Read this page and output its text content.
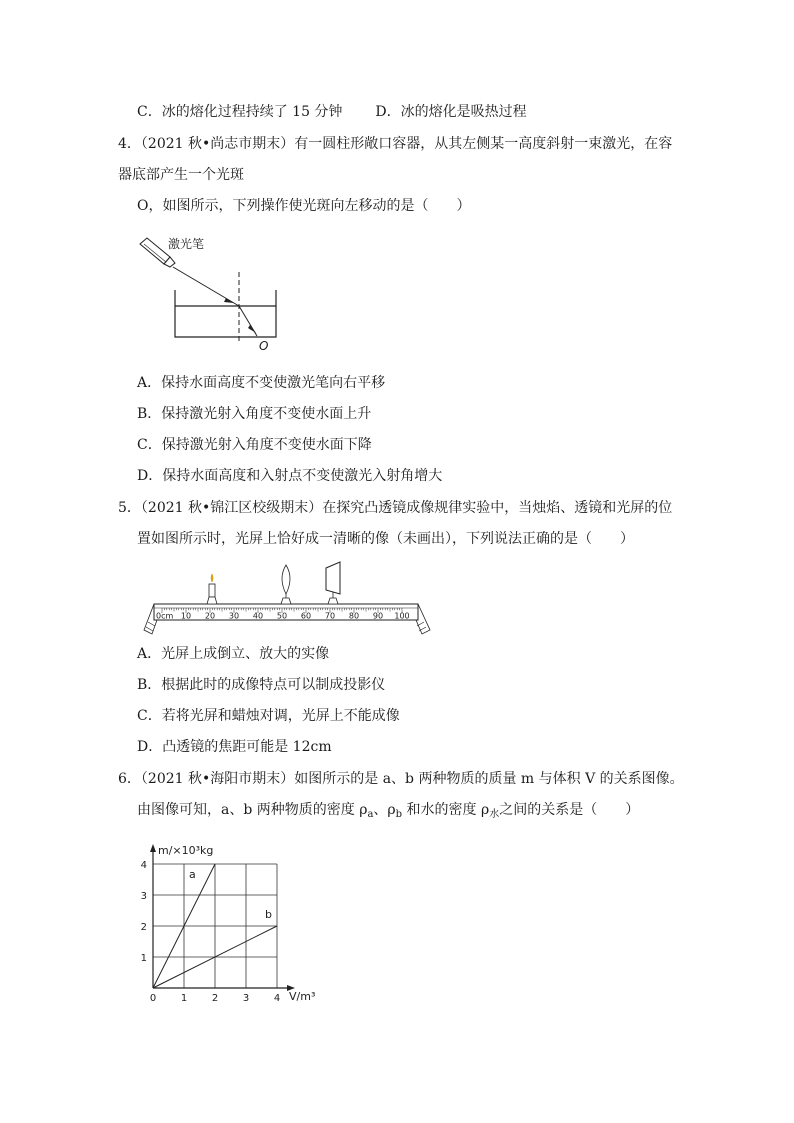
C．冰的熔化过程持续了 15 分钟 D．冰的熔化是吸热过程
4．（2021 秋•尚志市期末）有一圆柱形敞口容器，从其左侧某一高度斜射一束激光，在容
器底部产生一个光斑
O，如图所示，下列操作使光斑向左移动的是（　　）
激光笔
O
A．保持水面高度不变使激光笔向右平移
B．保持激光射入角度不变使水面上升
C．保持激光射入角度不变使水面下降
D．保持水面高度和入射点不变使激光入射角增大
5．（2021 秋•锦江区校级期末）在探究凸透镜成像规律实验中，当烛焰、透镜和光屏的位
置如图所示时，光屏上恰好成一清晰的像（未画出），下列说法正确的是（　　）
0cm 10 20 30 40 50 60 70 80 90 100
A．光屏上成倒立、放大的实像
B．根据此时的成像特点可以制成投影仪
C．若将光屏和蜡烛对调，光屏上不能成像
D．凸透镜的焦距可能是 12cm
6．（2021 秋•海阳市期末）如图所示的是 a、b 两种物质的质量 m 与体积 V 的关系图像。
由图像可知，a、b 两种物质的密度 $\rho_a$、$\rho_b$ 和水的密度 $\rho_水$之间的关系是（　　）
a
b
0 1 2 3 4
1
2
3
4
m/×10³kg
V/m³
